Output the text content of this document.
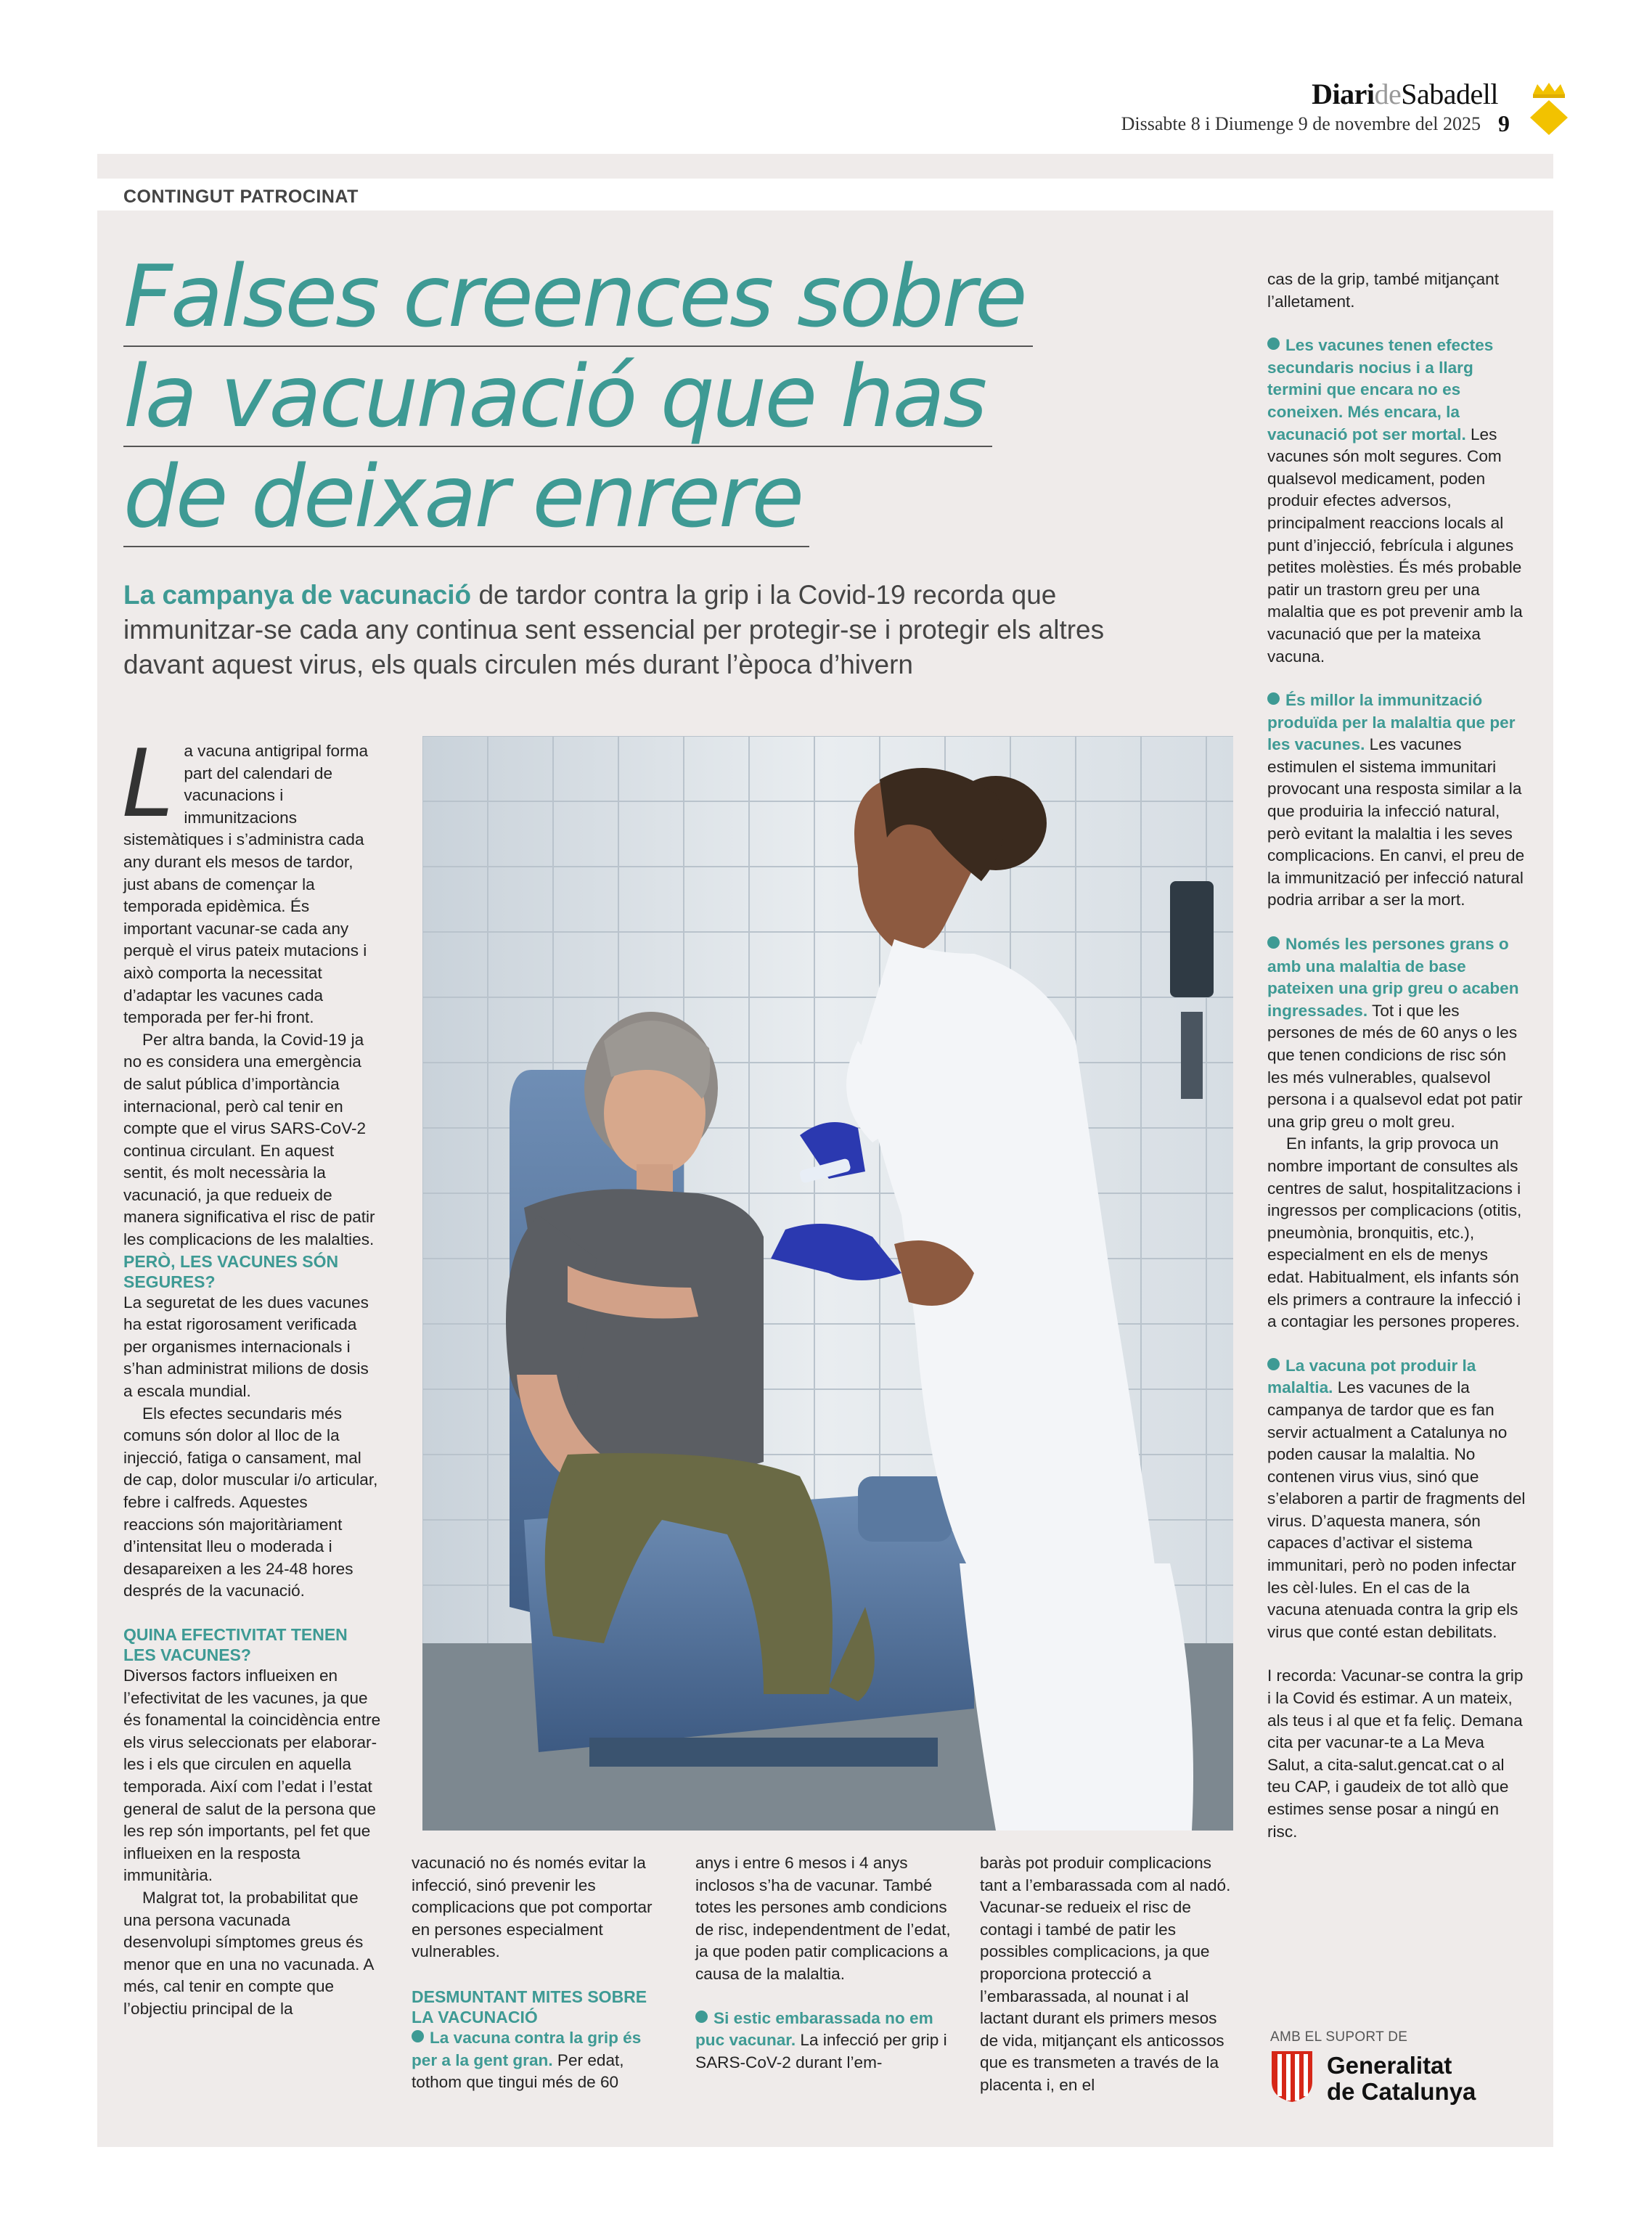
DiarideSabadell
Dissabte 8 i Diumenge 9 de novembre del 2025 9
CONTINGUT PATROCINAT
Falses creences sobre
la vacunació que has
de deixar enrere
La campanya de vacunació de tardor contra la grip i la Covid-19 recorda que immunitzar-se cada any continua sent essencial per protegir-se i protegir els altres davant aquest virus, els quals circulen més durant l’època d’hivern
L a vacuna antigripal forma part del calendari de vacunacions i immunitzacions sistemàtiques i s’administra cada any durant els mesos de tardor, just abans de començar la temporada epidèmica. És important vacunar-se cada any perquè el virus pateix mutacions i això comporta la necessitat d’adaptar les vacunes cada temporada per fer-hi front.

Per altra banda, la Covid-19 ja no es considera una emergència de salut pública d’importància internacional, però cal tenir en compte que el virus SARS-CoV-2 continua circulant. En aquest sentit, és molt necessària la vacunació, ja que redueix de manera significativa el risc de patir les complicacions de les malalties.

PERÒ, LES VACUNES SÓN SEGURES?

La seguretat de les dues vacunes ha estat rigorosament verificada per organismes internacionals i s’han administrat milions de dosis a escala mundial.

Els efectes secundaris més comuns són dolor al lloc de la injecció, fatiga o cansament, mal de cap, dolor muscular i/o articular, febre i calfreds. Aquestes reaccions són majoritàriament d’intensitat lleu o moderada i desapareixen a les 24-48 hores després de la vacunació.

QUINA EFECTIVITAT TENEN LES VACUNES?

Diversos factors influeixen en l’efectivitat de les vacunes, ja que és fonamental la coincidència entre els virus seleccionats per elaborar-les i els que circulen en aquella temporada. Així com l’edat i l’estat general de salut de la persona que les rep són importants, pel fet que influeixen en la resposta immunitària.

Malgrat tot, la probabilitat que una persona vacunada desenvolupi símptomes greus és menor que en una no vacunada. A més, cal tenir en compte que l’objectiu principal de la

vacunació no és només evitar la infecció, sinó prevenir les complicacions que pot comportar en persones especialment vulnerables.

DESMUNTANT MITES SOBRE LA VACUNACIÓ

La vacuna contra la grip és per a la gent gran. Per edat, tothom que tingui més de 60

anys i entre 6 mesos i 4 anys inclosos s’ha de vacunar. També totes les persones amb condicions de risc, independentment de l’edat, ja que poden patir complicacions a causa de la malaltia.

Si estic embarassada no em puc vacunar. La infecció per grip i SARS-CoV-2 durant l’em-

baràs pot produir complicacions tant a l’embarassada com al nadó. Vacunar-se redueix el risc de contagi i també de patir les possibles complicacions, ja que proporciona protecció a l’embarassada, al nounat i al lactant durant els primers mesos de vida, mitjançant els anticossos que es transmeten a través de la placenta i, en el

cas de la grip, també mitjançant l’alletament.

Les vacunes tenen efectes secundaris nocius i a llarg termini que encara no es coneixen. Més encara, la vacunació pot ser mortal. Les vacunes són molt segures. Com qualsevol medicament, poden produir efectes adversos, principalment reaccions locals al punt d’injecció, febrícula i algunes petites molèsties. És més probable patir un trastorn greu per una malaltia que es pot prevenir amb la vacunació que per la mateixa vacuna.

És millor la immunització produïda per la malaltia que per les vacunes. Les vacunes estimulen el sistema immunitari provocant una resposta similar a la que produiria la infecció natural, però evitant la malaltia i les seves complicacions. En canvi, el preu de la immunització per infecció natural podria arribar a ser la mort.

Només les persones grans o amb una malaltia de base pateixen una grip greu o acaben ingressades. Tot i que les persones de més de 60 anys o les que tenen condicions de risc són les més vulnerables, qualsevol persona i a qualsevol edat pot patir una grip greu o molt greu.

En infants, la grip provoca un nombre important de consultes als centres de salut, hospitalitzacions i ingressos per complicacions (otitis, pneumònia, bronquitis, etc.), especialment en els de menys edat. Habitualment, els infants són els primers a contraure la infecció i a contagiar les persones properes.

La vacuna pot produir la malaltia. Les vacunes de la campanya de tardor que es fan servir actualment a Catalunya no poden causar la malaltia. No contenen virus vius, sinó que s’elaboren a partir de fragments del virus. D’aquesta manera, són capaces d’activar el sistema immunitari, però no poden infectar les cèl·lules. En el cas de la vacuna atenuada contra la grip els virus que conté estan debilitats.

I recorda: Vacunar-se contra la grip i la Covid és estimar. A un mateix, als teus i al que et fa feliç. Demana cita per vacunar-te a La Meva Salut, a cita-salut.gencat.cat o al teu CAP, i gaudeix de tot allò que estimes sense posar a ningú en risc.

AMB EL SUPORT DE
Generalitat
de Catalunya
